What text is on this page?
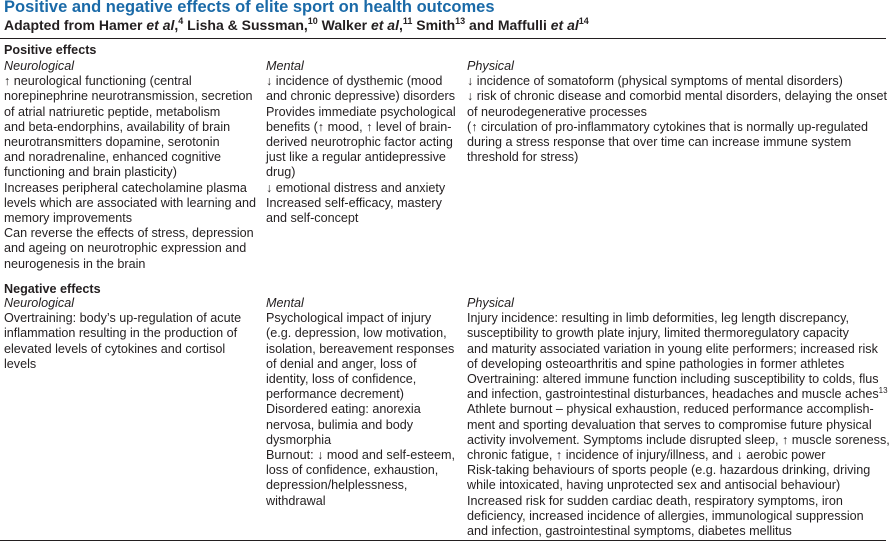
Positive and negative effects of elite sport on health outcomes
Adapted from Hamer et al,$^4$ Lisha & Sussman,$^{10}$ Walker et al,$^{11}$ Smith$^{13}$ and Maffulli et $al^{14}$
Positive effects
Neurological
↑ neurological functioning (central
norepinephrine neurotransmission, secretion
of atrial natriuretic peptide, metabolism
and beta-endorphins, availability of brain
neurotransmitters dopamine, serotonin
and noradrenaline, enhanced cognitive
functioning and brain plasticity)
Increases peripheral catecholamine plasma
levels which are associated with learning and
memory improvements
Can reverse the effects of stress, depression
and ageing on neurotrophic expression and
neurogenesis in the brain
Mental
↓ incidence of dysthemic (mood
and chronic depressive) disorders
Provides immediate psychological
benefits (↑ mood, ↑ level of brain-
derived neurotrophic factor acting
just like a regular antidepressive
drug)
↓ emotional distress and anxiety
Increased self-efficacy, mastery
and self-concept
Physical
↓ incidence of somatoform (physical symptoms of mental disorders)
↓ risk of chronic disease and comorbid mental disorders, delaying the onset
of neurodegenerative processes
(↑ circulation of pro-inflammatory cytokines that is normally up-regulated
during a stress response that over time can increase immune system
threshold for stress)
Negative effects
Neurological
Overtraining: body’s up-regulation of acute
inflammation resulting in the production of
elevated levels of cytokines and cortisol
levels
Mental
Psychological impact of injury
(e.g. depression, low motivation,
isolation, bereavement responses
of denial and anger, loss of
identity, loss of confidence,
performance decrement)
Disordered eating: anorexia
nervosa, bulimia and body
dysmorphia
Burnout: ↓ mood and self-esteem,
loss of confidence, exhaustion,
depression/helplessness,
withdrawal
Physical
Injury incidence: resulting in limb deformities, leg length discrepancy,
susceptibility to growth plate injury, limited thermoregulatory capacity
and maturity associated variation in young elite performers; increased risk
of developing osteoarthritis and spine pathologies in former athletes
Overtraining: altered immune function including susceptibility to colds, flus
and infection, gastrointestinal disturbances, headaches and muscle aches$^{13}$
Athlete burnout – physical exhaustion, reduced performance accomplish-
ment and sporting devaluation that serves to compromise future physical
activity involvement. Symptoms include disrupted sleep, ↑ muscle soreness,
chronic fatigue, ↑ incidence of injury/illness, and ↓ aerobic power
Risk-taking behaviours of sports people (e.g. hazardous drinking, driving
while intoxicated, having unprotected sex and antisocial behaviour)
Increased risk for sudden cardiac death, respiratory symptoms, iron
deficiency, increased incidence of allergies, immunological suppression
and infection, gastrointestinal symptoms, diabetes mellitus
